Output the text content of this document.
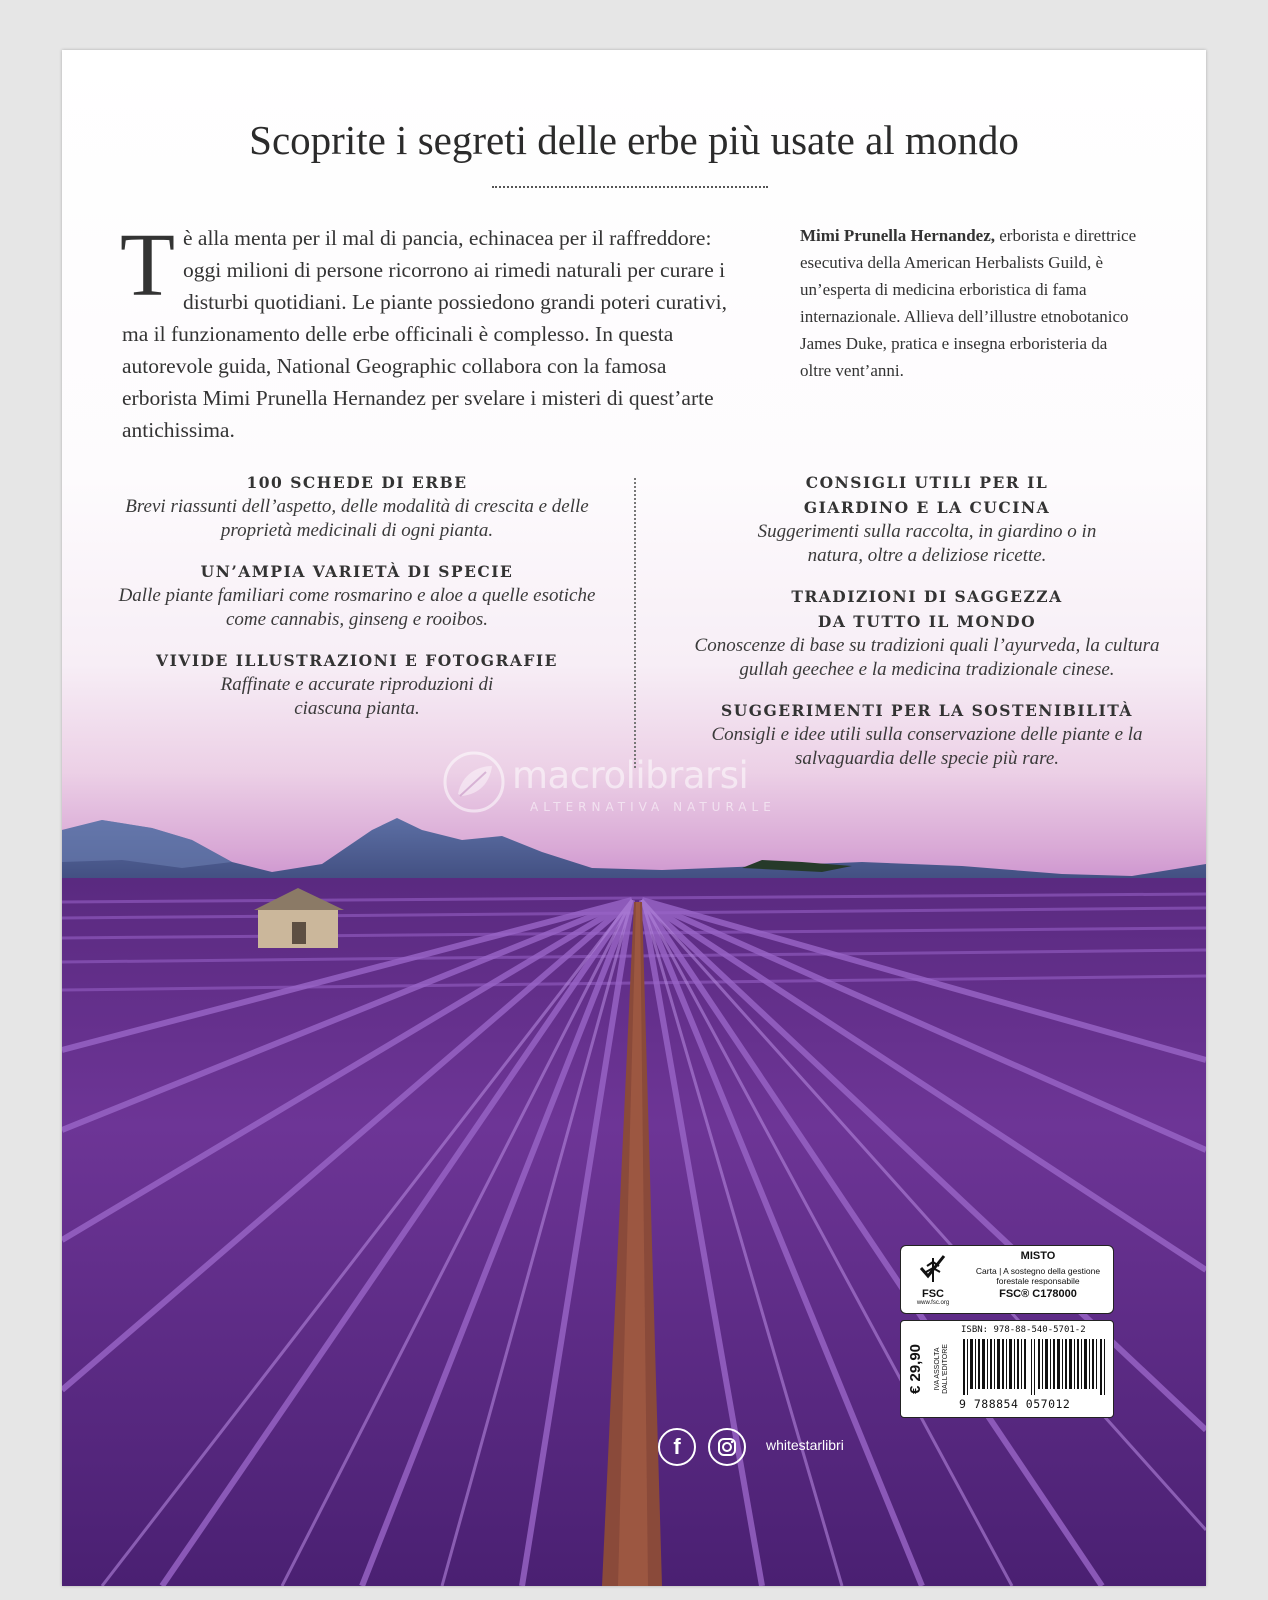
Scoprite i segreti delle erbe più usate al mondo
Tè alla menta per il mal di pancia, echinacea per il raffreddore: oggi milioni di persone ricorrono ai rimedi naturali per curare i disturbi quotidiani. Le piante possiedono grandi poteri curativi, ma il funzionamento delle erbe officinali è complesso. In questa autorevole guida, National Geographic collabora con la famosa erborista Mimi Prunella Hernandez per svelare i misteri di quest’arte antichissima.
Mimi Prunella Hernandez, erborista e direttrice esecutiva della American Herbalists Guild, è un’esperta di medicina erboristica di fama internazionale. Allieva dell’illustre etnobotanico James Duke, pratica e insegna erboristeria da oltre vent’anni.
100 SCHEDE DI ERBE
Brevi riassunti dell’aspetto, delle modalità di crescita e delle proprietà medicinali di ogni pianta.
UN’AMPIA VARIETÀ DI SPECIE
Dalle piante familiari come rosmarino e aloe a quelle esotiche come cannabis, ginseng e rooibos.
VIVIDE ILLUSTRAZIONI E FOTOGRAFIE
Raffinate e accurate riproduzioni di ciascuna pianta.
CONSIGLI UTILI PER IL GIARDINO E LA CUCINA
Suggerimenti sulla raccolta, in giardino o in natura, oltre a deliziose ricette.
TRADIZIONI DI SAGGEZZA DA TUTTO IL MONDO
Conoscenze di base su tradizioni quali l’ayurveda, la cultura gullah geechee e la medicina tradizionale cinese.
SUGGERIMENTI PER LA SOSTENIBILITÀ
Consigli e idee utili sulla conservazione delle piante e la salvaguardia delle specie più rare.
macrolibrarsi
ALTERNATIVA NATURALE
FSC
www.fsc.org
MISTO
Carta | A sostegno della gestione forestale responsabile
FSC® C178000
€ 29,90 IVA ASSOLTA DALL'EDITORE
ISBN: 978-88-540-5701-2
9 788854 057012
f	whitestarlibri
